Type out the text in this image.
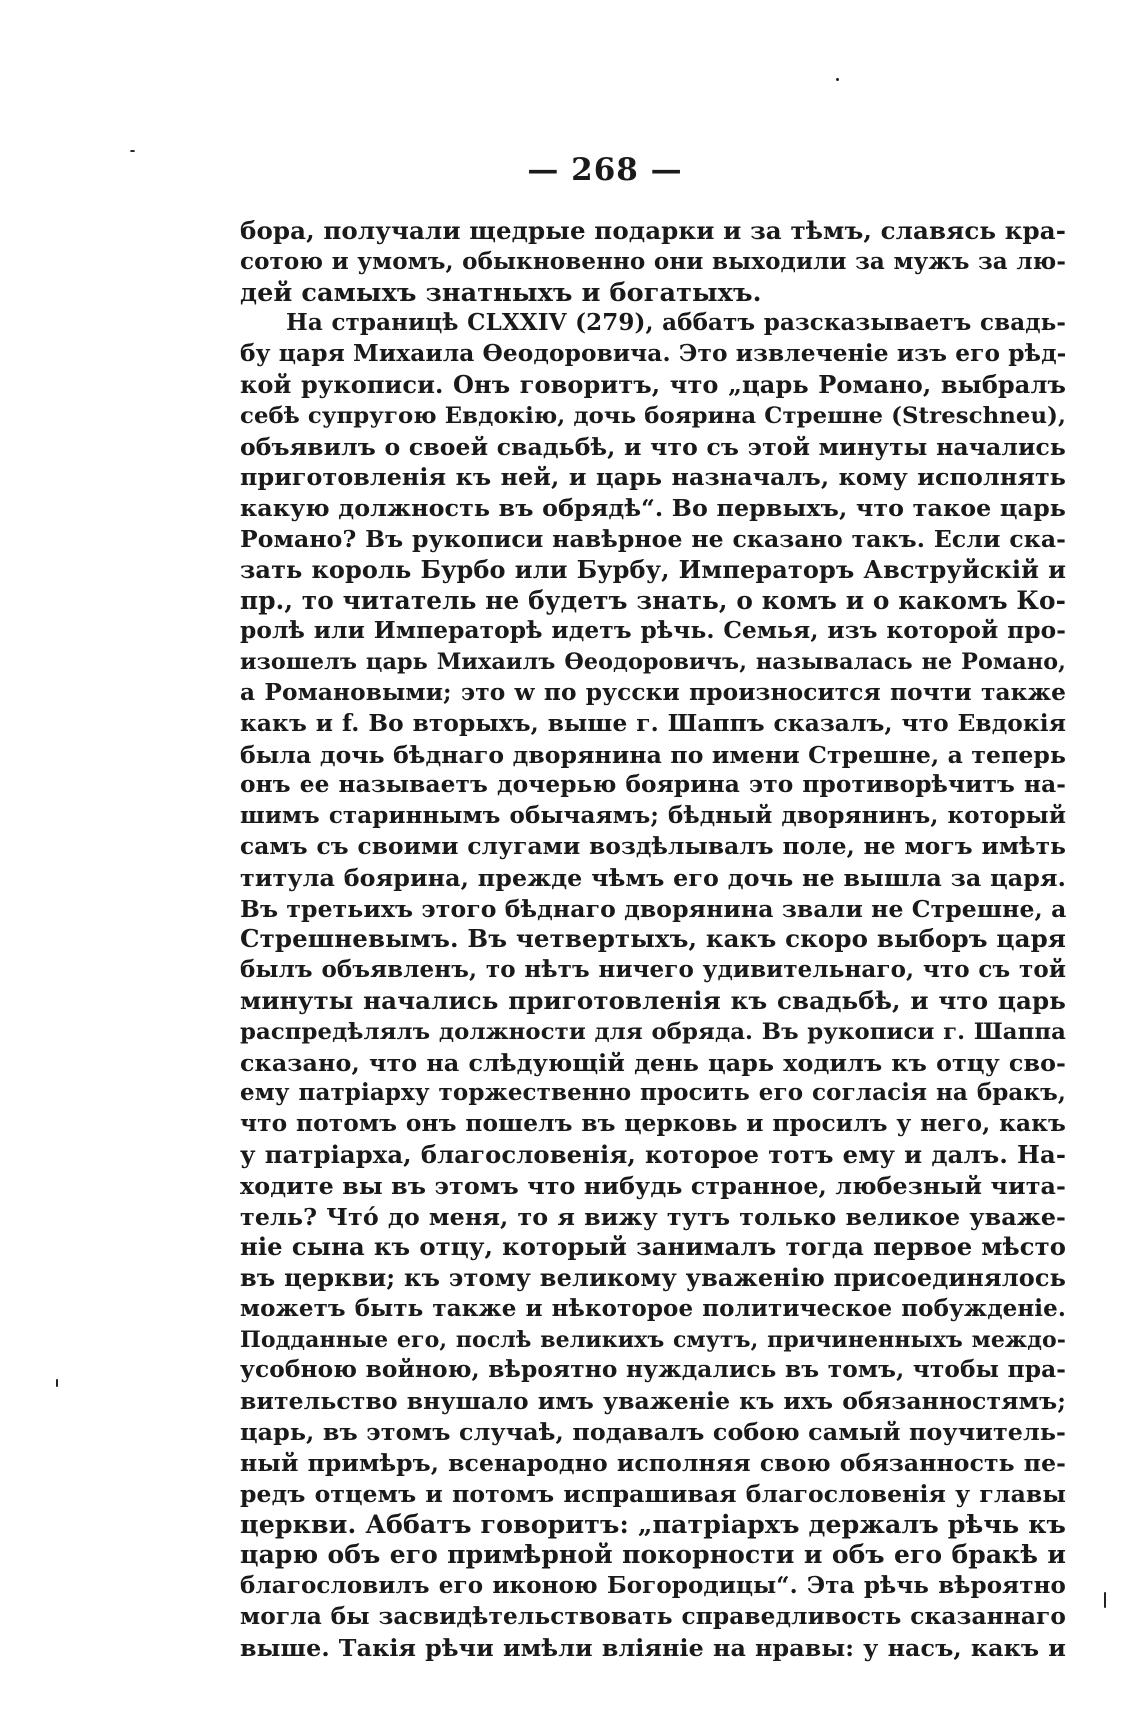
— 268 —
бора, получали щедрые подарки и за тѣмъ, славясь кра-
сотою и умомъ, обыкновенно они выходили за мужъ за лю-
дей самыхъ знатныхъ и богатыхъ.
На страницѣ CLXXIV (279), аббатъ разсказываетъ свадь-
бу царя Михаила Ѳеодоровича. Это извлеченіе изъ его рѣд-
кой рукописи. Онъ говоритъ, что „царь Романо, выбралъ
себѣ супругою Евдокію, дочь боярина Стрешне (Streschneu),
объявилъ о своей свадьбѣ, и что съ этой минуты начались
приготовленія къ ней, и царь назначалъ, кому исполнять
какую должность въ обрядѣ“. Во первыхъ, что такое царь
Романо? Въ рукописи навѣрное не сказано такъ. Если ска-
зать король Бурбо или Бурбу, Императоръ Авструйскій и
пр., то читатель не будетъ знать, о комъ и о какомъ Ко-
ролѣ или Императорѣ идетъ рѣчь. Семья, изъ которой про-
изошелъ царь Михаилъ Ѳеодоровичъ, называлась не Романо,
а Романовыми; это w по русски произносится почти также
какъ и f. Во вторыхъ, выше г. Шаппъ сказалъ, что Евдокія
была дочь бѣднаго дворянина по имени Стрешне, а теперь
онъ ее называетъ дочерью боярина это противорѣчитъ на-
шимъ стариннымъ обычаямъ; бѣдный дворянинъ, который
самъ съ своими слугами воздѣлывалъ поле, не могъ имѣть
титула боярина, прежде чѣмъ его дочь не вышла за царя.
Въ третьихъ этого бѣднаго дворянина звали не Стрешне, а
Стрешневымъ. Въ четвертыхъ, какъ скоро выборъ царя
былъ объявленъ, то нѣтъ ничего удивительнаго, что съ той
минуты начались приготовленія къ свадьбѣ, и что царь
распредѣлялъ должности для обряда. Въ рукописи г. Шаппа
сказано, что на слѣдующій день царь ходилъ къ отцу сво-
ему патріарху торжественно просить его согласія на бракъ,
что потомъ онъ пошелъ въ церковь и просилъ у него, какъ
у патріарха, благословенія, которое тотъ ему и далъ. На-
ходите вы въ этомъ что нибудь странное, любезный чита-
тель? Чтó до меня, то я вижу тутъ только великое уваже-
ніе сына къ отцу, который занималъ тогда первое мѣсто
въ церкви; къ этому великому уваженію присоединялось
можетъ быть также и нѣкоторое политическое побужденіе.
Подданные его, послѣ великихъ смутъ, причиненныхъ междо-
усобною войною, вѣроятно нуждались въ томъ, чтобы пра-
вительство внушало имъ уваженіе къ ихъ обязанностямъ;
царь, въ этомъ случаѣ, подавалъ собою самый поучитель-
ный примѣръ, всенародно исполняя свою обязанность пе-
редъ отцемъ и потомъ испрашивая благословенія у главы
церкви. Аббатъ говоритъ: „патріархъ держалъ рѣчь къ
царю объ его примѣрной покорности и объ его бракѣ и
благословилъ его иконою Богородицы“. Эта рѣчь вѣроятно
могла бы засвидѣтельствовать справедливость сказаннаго
выше. Такія рѣчи имѣли вліяніе на нравы: у насъ, какъ и
